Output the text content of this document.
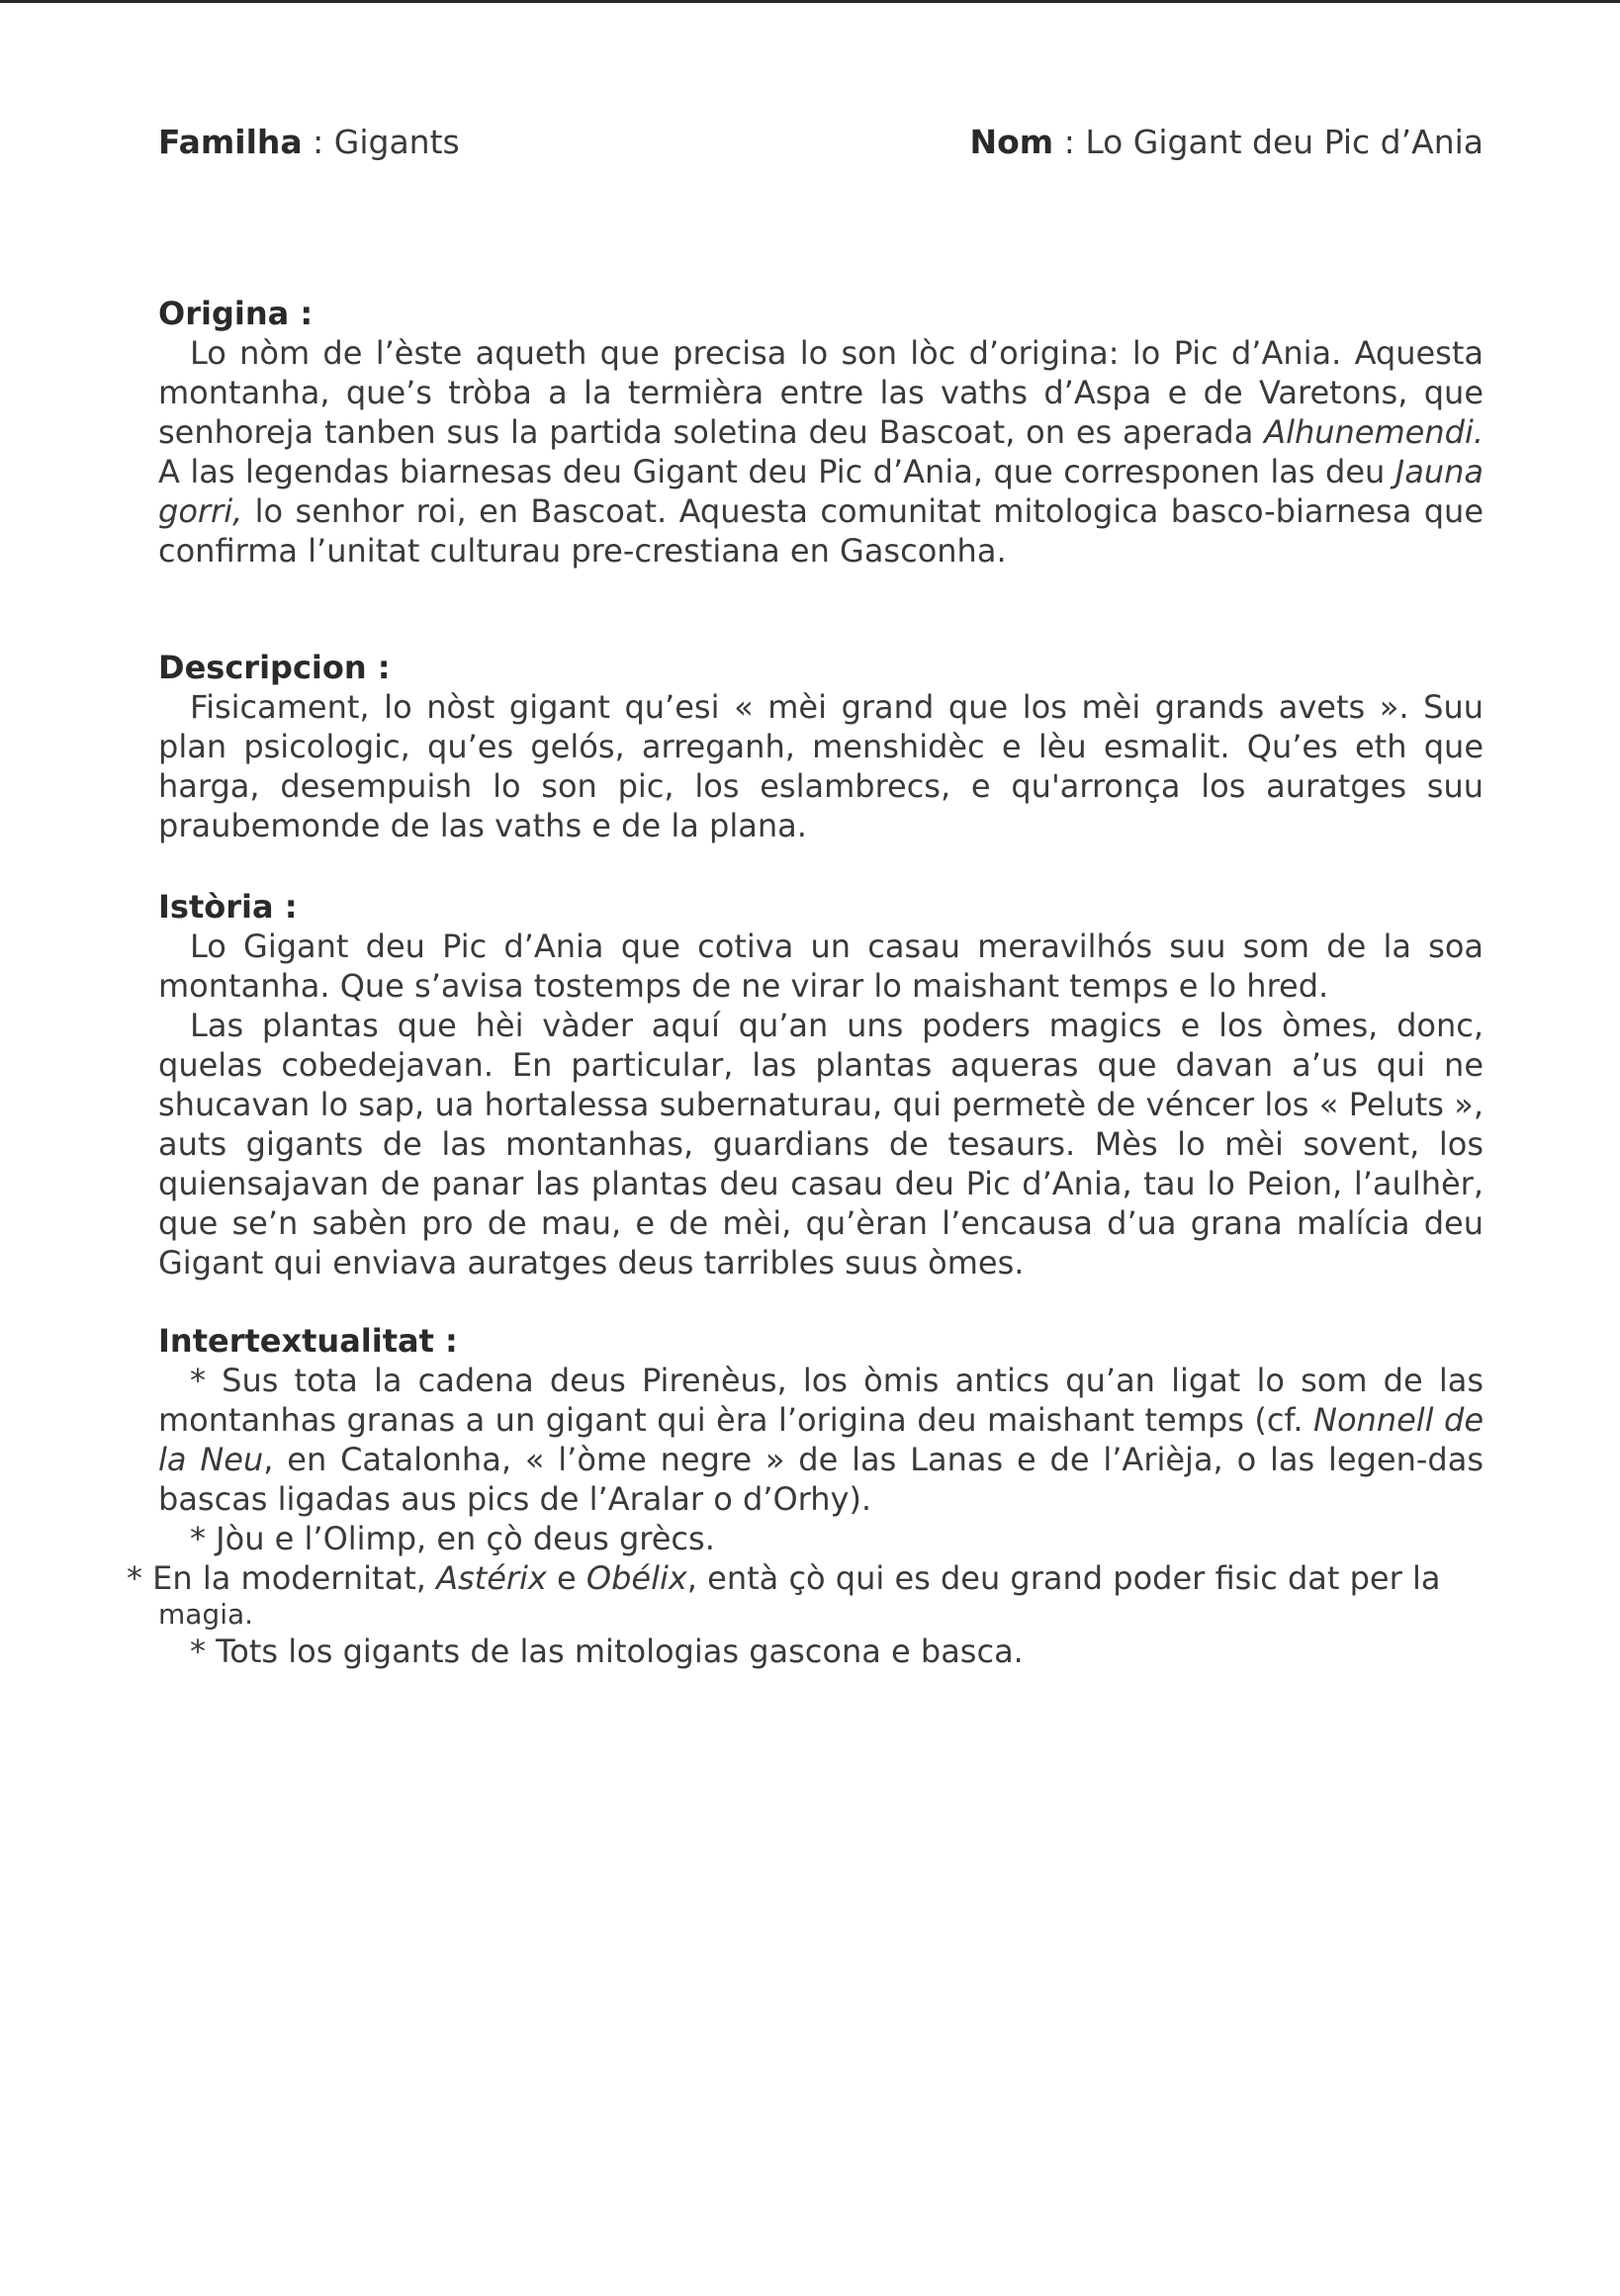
Familha : Gigants	Nom : Lo Gigant deu Pic d’Ania
Origina :

Lo nòm de l’èste aqueth que precisa lo son lòc d’origina: lo Pic d’Ania. Aquesta montanha, que’s tròba a la termièra entre las vaths d’Aspa e de Varetons, que senhoreja tanben sus la partida soletina deu Bascoat, on es aperada Alhunemendi. A las legendas biarnesas deu Gigant deu Pic d’Ania, que corresponen las deu Jauna gorri, lo senhor roi, en Bascoat. Aquesta comunitat mitologica basco-biarnesa que confirma l’unitat culturau pre-crestiana en Gasconha.

Descripcion :

Fisicament, lo nòst gigant qu’esi « mèi grand que los mèi grands avets ». Suu plan psicologic, qu’es gelós, arreganh, menshidèc e lèu esmalit. Qu’es eth que harga, desempuish lo son pic, los eslambrecs, e qu'arronça los auratges suu praubemonde de las vaths e de la plana.

Istòria :

Lo Gigant deu Pic d’Ania que cotiva un casau meravilhós suu som de la soa montanha. Que s’avisa tostemps de ne virar lo maishant temps e lo hred.

Las plantas que hèi vàder aquí qu’an uns poders magics e los òmes, donc, quelas cobedejavan. En particular, las plantas aqueras que davan a’us qui ne shucavan lo sap, ua hortalessa subernaturau, qui permetè de véncer los « Peluts », auts gigants de las montanhas, guardians de tesaurs. Mès lo mèi sovent, los quiensajavan de panar las plantas deu casau deu Pic d’Ania, tau lo Peion, l’aulhèr, que se’n sabèn pro de mau, e de mèi, qu’èran l’encausa d’ua grana malícia deu Gigant qui enviava auratges deus tarribles suus òmes.

Intertextualitat :

* Sus tota la cadena deus Pirenèus, los òmis antics qu’an ligat lo som de las montanhas granas a un gigant qui èra l’origina deu maishant temps (cf. Nonnell de la Neu, en Catalonha, « l’òme negre » de las Lanas e de l’Arièja, o las legen-das bascas ligadas aus pics de l’Aralar o d’Orhy).

* Jòu e l’Olimp, en çò deus grècs.

* En la modernitat, Astérix e Obélix, entà çò qui es deu grand poder fisic dat per la

magia.

* Tots los gigants de las mitologias gascona e basca.
